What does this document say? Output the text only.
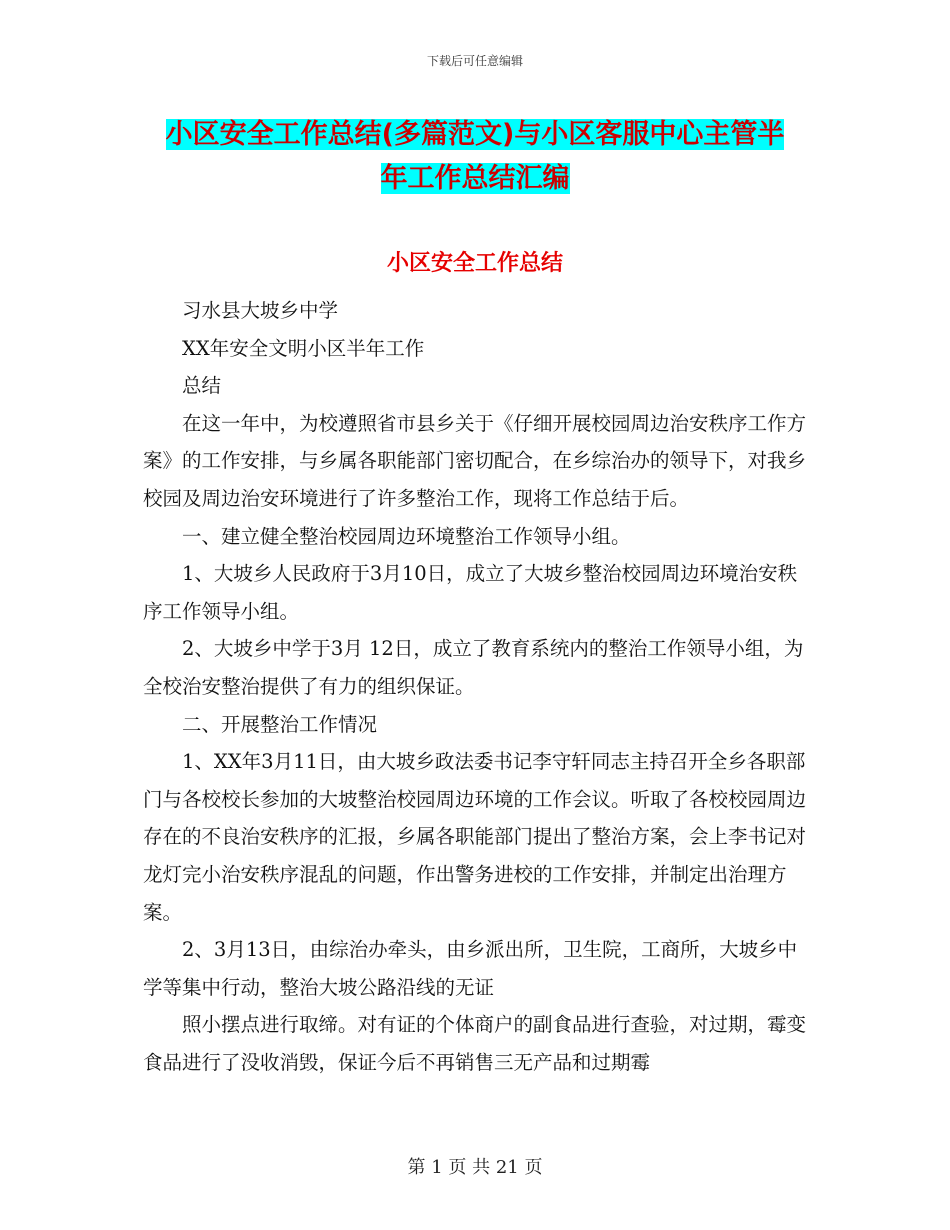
下载后可任意编辑
小区安全工作总结(多篇范文)与小区客服中心主管半
年工作总结汇编
小区安全工作总结

习水县大坡乡中学

XX年安全文明小区半年工作

总结

在这一年中，为校遵照省市县乡关于《仔细开展校园周边治安秩序工作方案》的工作安排，与乡属各职能部门密切配合，在乡综治办的领导下，对我乡校园及周边治安环境进行了许多整治工作，现将工作总结于后。

一、建立健全整治校园周边环境整治工作领导小组。

1、大坡乡人民政府于3月10日，成立了大坡乡整治校园周边环境治安秩序工作领导小组。

2、大坡乡中学于3月 12日，成立了教育系统内的整治工作领导小组，为全校治安整治提供了有力的组织保证。

二、开展整治工作情况

1、XX年3月11日，由大坡乡政法委书记李守轩同志主持召开全乡各职部门与各校校长参加的大坡整治校园周边环境的工作会议。听取了各校校园周边存在的不良治安秩序的汇报，乡属各职能部门提出了整治方案，会上李书记对龙灯完小治安秩序混乱的问题，作出警务进校的工作安排，并制定出治理方案。

2、3月13日，由综治办牵头，由乡派出所，卫生院，工商所，大坡乡中学等集中行动，整治大坡公路沿线的无证

照小摆点进行取缔。对有证的个体商户的副食品进行查验，对过期，霉变食品进行了没收消毁，保证今后不再销售三无产品和过期霉

第 1 页 共 21 页
